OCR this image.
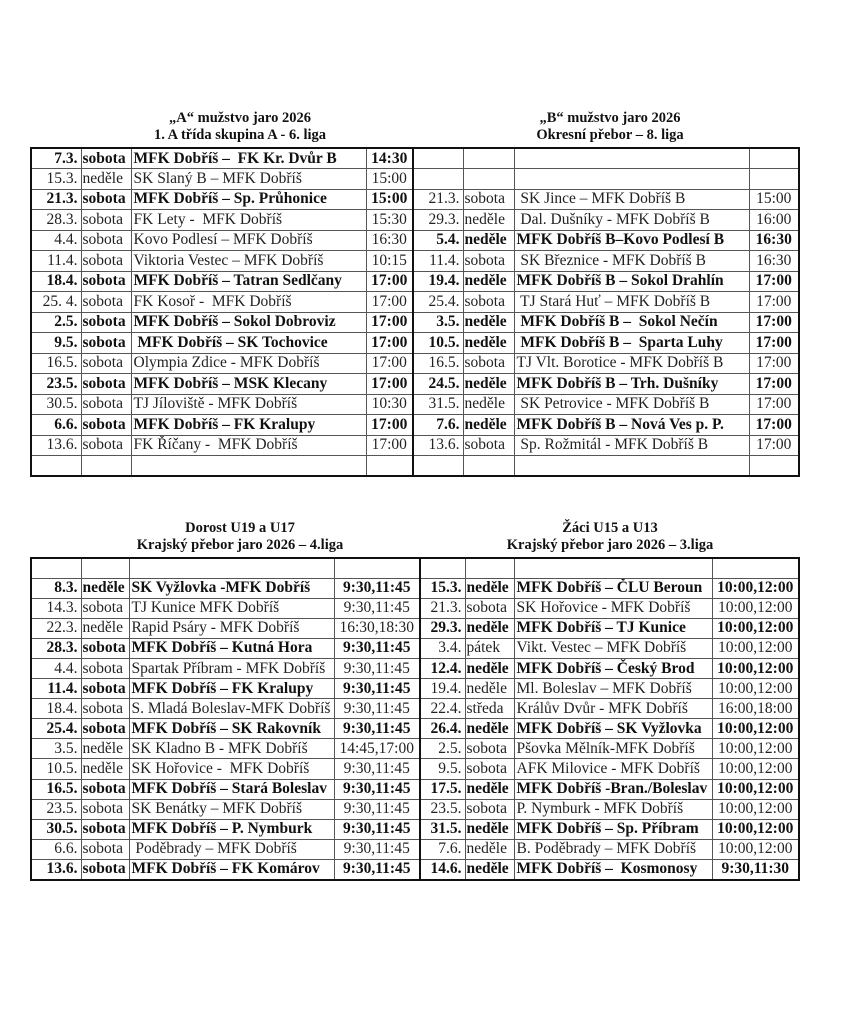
„A“ mužstvo jaro 2026
1. A třída skupina A - 6. liga
„B“ mužstvo jaro 2026
Okresní přebor – 8. liga
7.3.	sobota	MFK Dobříš –  FK Kr. Dvůr B	14:30				
15.3.	neděle	SK Slaný B – MFK Dobříš	15:00				
21.3.	sobota	MFK Dobříš – Sp. Průhonice	15:00	21.3.	sobota	SK Jince – MFK Dobříš B	15:00
28.3.	sobota	FK Lety -  MFK Dobříš	15:30	29.3.	neděle	Dal. Dušníky - MFK Dobříš B	16:00
4.4.	sobota	Kovo Podlesí – MFK Dobříš	16:30	5.4.	neděle	MFK Dobříš B–Kovo Podlesí B	16:30
11.4.	sobota	Viktoria Vestec – MFK Dobříš	10:15	11.4.	sobota	SK Březnice - MFK Dobříš B	16:30
18.4.	sobota	MFK Dobříš – Tatran Sedlčany	17:00	19.4.	neděle	MFK Dobříš B – Sokol Drahlín	17:00
25. 4.	sobota	FK Kosoř -  MFK Dobříš	17:00	25.4.	sobota	TJ Stará Huť – MFK Dobříš B	17:00
2.5.	sobota	MFK Dobříš – Sokol Dobroviz	17:00	3.5.	neděle	MFK Dobříš B –  Sokol Nečín	17:00
9.5.	sobota	MFK Dobříš – SK Tochovice	17:00	10.5.	neděle	MFK Dobříš B –  Sparta Luhy	17:00
16.5.	sobota	Olympia Zdice - MFK Dobříš	17:00	16.5.	sobota	TJ Vlt. Borotice - MFK Dobříš B	17:00
23.5.	sobota	MFK Dobříš – MSK Klecany	17:00	24.5.	neděle	MFK Dobříš B – Trh. Dušníky	17:00
30.5.	sobota	TJ Jíloviště - MFK Dobříš	10:30	31.5.	neděle	SK Petrovice - MFK Dobříš B	17:00
6.6.	sobota	MFK Dobříš – FK Kralupy	17:00	7.6.	neděle	MFK Dobříš B – Nová Ves p. P.	17:00
13.6.	sobota	FK Říčany -  MFK Dobříš	17:00	13.6.	sobota	Sp. Rožmitál - MFK Dobříš B	17:00

Dorost U19 a U17
Krajský přebor jaro 2026 – 4.liga
Žáci U15 a U13
Krajský přebor jaro 2026 – 3.liga

8.3.	neděle	SK Vyžlovka -MFK Dobříš	9:30,11:45	15.3.	neděle	MFK Dobříš – ČLU Beroun	10:00,12:00
14.3.	sobota	TJ Kunice MFK Dobříš	9:30,11:45	21.3.	sobota	SK Hořovice - MFK Dobříš	10:00,12:00
22.3.	neděle	Rapid Psáry - MFK Dobříš	16:30,18:30	29.3.	neděle	MFK Dobříš – TJ Kunice	10:00,12:00
28.3.	sobota	MFK Dobříš – Kutná Hora	9:30,11:45	3.4.	pátek	Vikt. Vestec – MFK Dobříš	10:00,12:00
4.4.	sobota	Spartak Příbram - MFK Dobříš	9:30,11:45	12.4.	neděle	MFK Dobříš – Český Brod	10:00,12:00
11.4.	sobota	MFK Dobříš – FK Kralupy	9:30,11:45	19.4.	neděle	Ml. Boleslav – MFK Dobříš	10:00,12:00
18.4.	sobota	S. Mladá Boleslav-MFK Dobříš	9:30,11:45	22.4.	středa	Králův Dvůr - MFK Dobříš	16:00,18:00
25.4.	sobota	MFK Dobříš – SK Rakovník	9:30,11:45	26.4.	neděle	MFK Dobříš – SK Vyžlovka	10:00,12:00
3.5.	neděle	SK Kladno B - MFK Dobříš	14:45,17:00	2.5.	sobota	Pšovka Mělník-MFK Dobříš	10:00,12:00
10.5.	neděle	SK Hořovice -  MFK Dobříš	9:30,11:45	9.5.	sobota	AFK Milovice - MFK Dobříš	10:00,12:00
16.5.	sobota	MFK Dobříš – Stará Boleslav	9:30,11:45	17.5.	neděle	MFK Dobříš -Bran./Boleslav	10:00,12:00
23.5.	sobota	SK Benátky – MFK Dobříš	9:30,11:45	23.5.	sobota	P. Nymburk - MFK Dobříš	10:00,12:00
30.5.	sobota	MFK Dobříš – P. Nymburk	9:30,11:45	31.5.	neděle	MFK Dobříš – Sp. Příbram	10:00,12:00
6.6.	sobota	Poděbrady – MFK Dobříš	9:30,11:45	7.6.	neděle	B. Poděbrady – MFK Dobříš	10:00,12:00
13.6.	sobota	MFK Dobříš – FK Komárov	9:30,11:45	14.6.	neděle	MFK Dobříš –  Kosmonosy	9:30,11:30
